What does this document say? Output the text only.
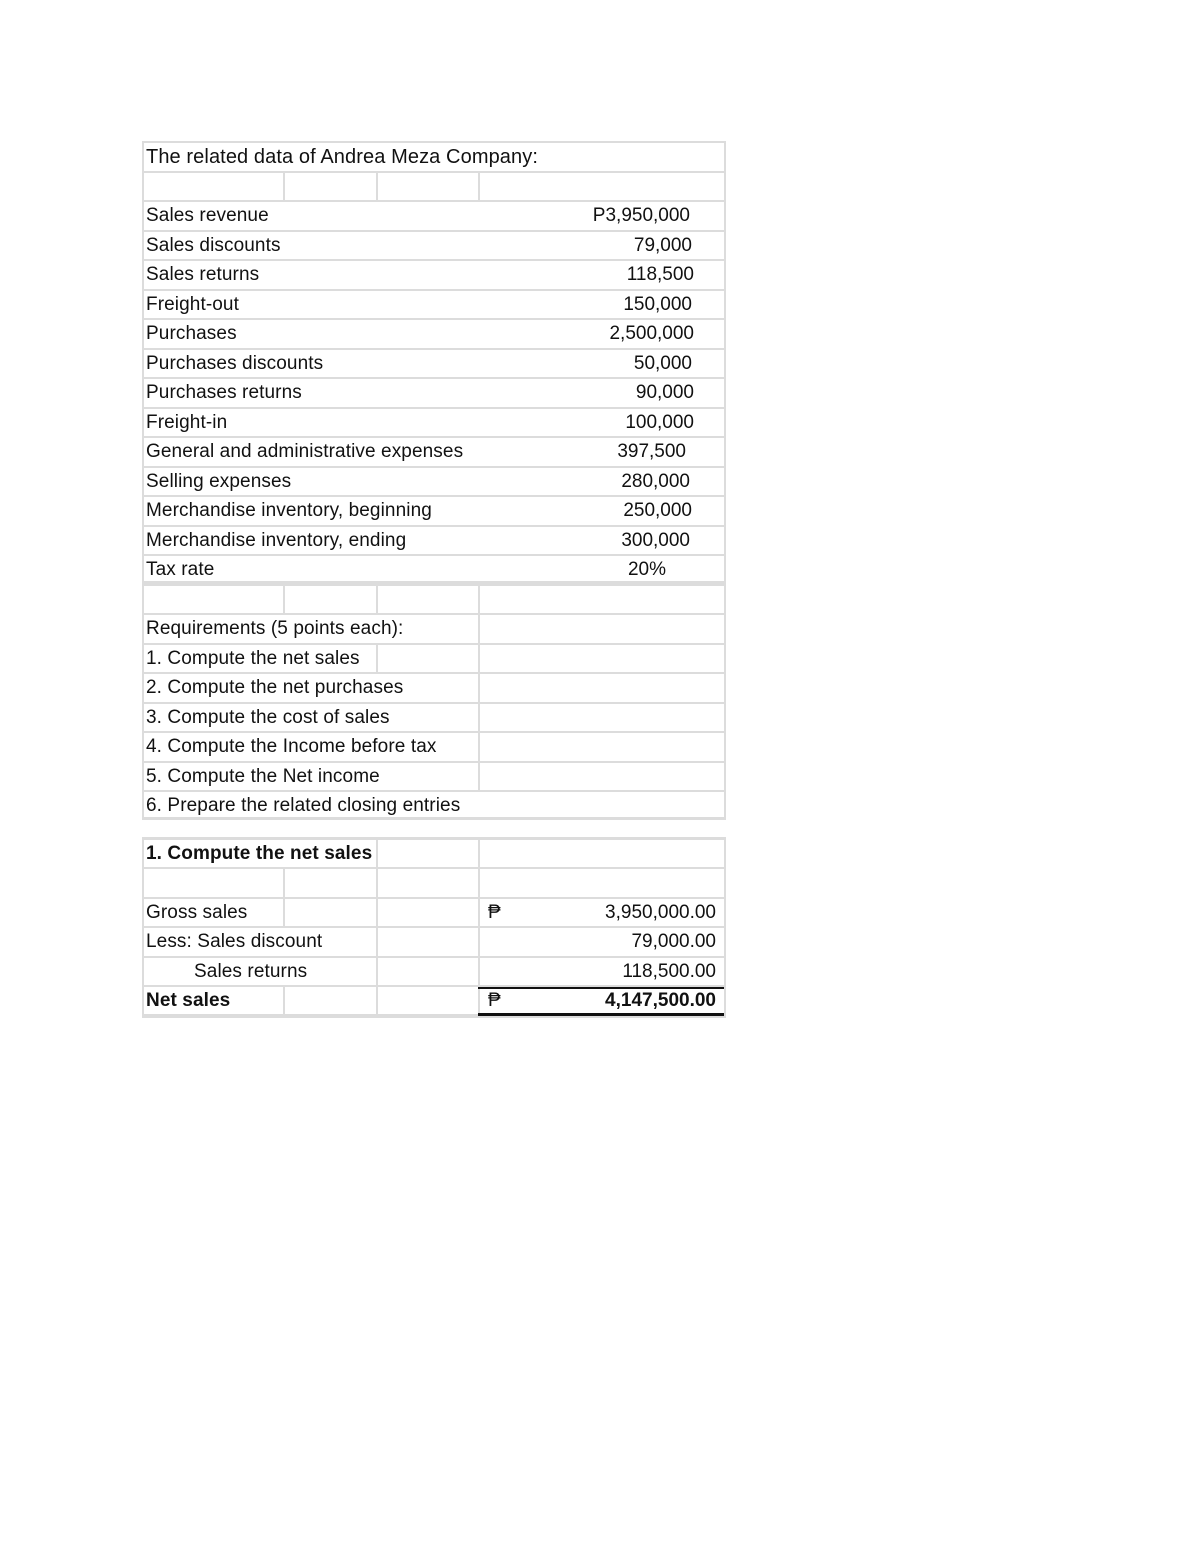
The related data of Andrea Meza Company:
Sales revenue	P3,950,000
Sales discounts	79,000
Sales returns	118,500
Freight-out	150,000
Purchases	2,500,000
Purchases discounts	50,000
Purchases returns	90,000
Freight-in	100,000
General and administrative expenses	397,500
Selling expenses	280,000
Merchandise inventory, beginning	250,000
Merchandise inventory, ending	300,000
Tax rate	20%
Requirements (5 points each):
1. Compute the net sales
2. Compute the net purchases
3. Compute the cost of sales
4. Compute the Income before tax
5. Compute the Net income
6. Prepare the related closing entries
1. Compute the net sales
Gross sales	₱	3,950,000.00
Less: Sales discount	79,000.00
Sales returns	118,500.00
Net sales	₱	4,147,500.00
